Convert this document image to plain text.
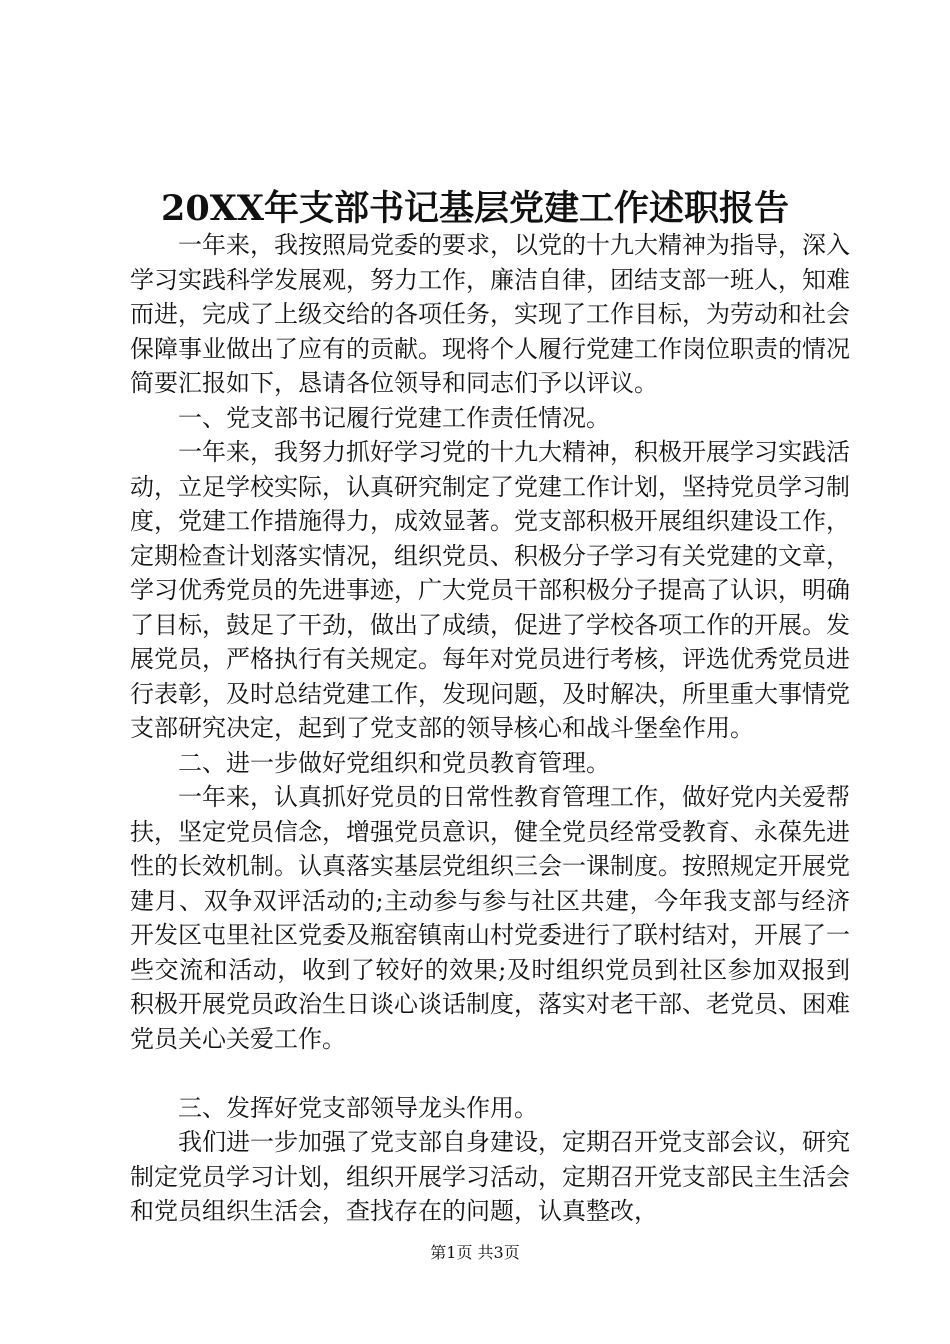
20XX年支部书记基层党建工作述职报告

一年来，我按照局党委的要求，以党的十九大精神为指导，深入学习实践科学发展观，努力工作，廉洁自律，团结支部一班人，知难而进，完成了上级交给的各项任务，实现了工作目标，为劳动和社会保障事业做出了应有的贡献。现将个人履行党建工作岗位职责的情况简要汇报如下，恳请各位领导和同志们予以评议。

一、党支部书记履行党建工作责任情况。

一年来，我努力抓好学习党的十九大精神，积极开展学习实践活动，立足学校实际，认真研究制定了党建工作计划，坚持党员学习制度，党建工作措施得力，成效显著。党支部积极开展组织建设工作，定期检查计划落实情况，组织党员、积极分子学习有关党建的文章，学习优秀党员的先进事迹，广大党员干部积极分子提高了认识，明确了目标，鼓足了干劲，做出了成绩，促进了学校各项工作的开展。发展党员，严格执行有关规定。每年对党员进行考核，评选优秀党员进行表彰，及时总结党建工作，发现问题，及时解决，所里重大事情党支部研究决定，起到了党支部的领导核心和战斗堡垒作用。

二、进一步做好党组织和党员教育管理。

一年来，认真抓好党员的日常性教育管理工作，做好党内关爱帮扶，坚定党员信念，增强党员意识，健全党员经常受教育、永葆先进性的长效机制。认真落实基层党组织三会一课制度。按照规定开展党建月、双争双评活动的;主动参与参与社区共建，今年我支部与经济开发区屯里社区党委及瓶窑镇南山村党委进行了联村结对，开展了一些交流和活动，收到了较好的效果;及时组织党员到社区参加双报到积极开展党员政治生日谈心谈话制度，落实对老干部、老党员、困难党员关心关爱工作。

三、发挥好党支部领导龙头作用。

我们进一步加强了党支部自身建设，定期召开党支部会议，研究制定党员学习计划，组织开展学习活动，定期召开党支部民主生活会和党员组织生活会，查找存在的问题，认真整改，

第1页 共3页
